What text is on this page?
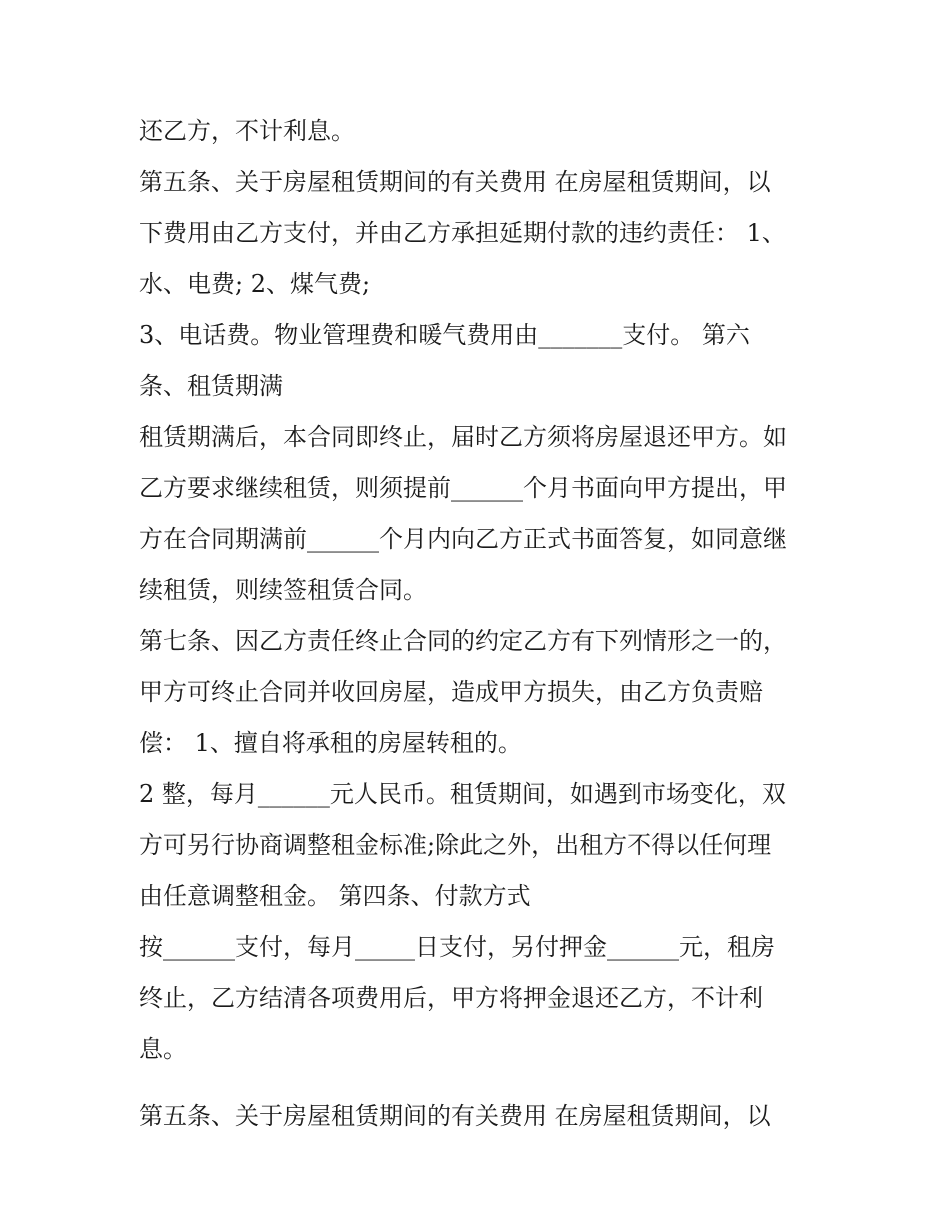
还乙方，不计利息。
第五条、关于房屋租赁期间的有关费用 在房屋租赁期间，以
下费用由乙方支付，并由乙方承担延期付款的违约责任： 1、
水、电费; 2、煤气费;
3、电话费。物业管理费和暖气费用由_______支付。 第六
条、租赁期满
租赁期满后，本合同即终止，届时乙方须将房屋退还甲方。如
乙方要求继续租赁，则须提前______个月书面向甲方提出，甲
方在合同期满前______个月内向乙方正式书面答复，如同意继
续租赁，则续签租赁合同。
第七条、因乙方责任终止合同的约定乙方有下列情形之一的，
甲方可终止合同并收回房屋，造成甲方损失，由乙方负责赔
偿： 1、擅自将承租的房屋转租的。
2 整，每月______元人民币。租赁期间，如遇到市场变化，双
方可另行协商调整租金标准;除此之外，出租方不得以任何理
由任意调整租金。 第四条、付款方式
按______支付，每月_____日支付，另付押金______元，租房
终止，乙方结清各项费用后，甲方将押金退还乙方，不计利
息。
第五条、关于房屋租赁期间的有关费用 在房屋租赁期间，以
